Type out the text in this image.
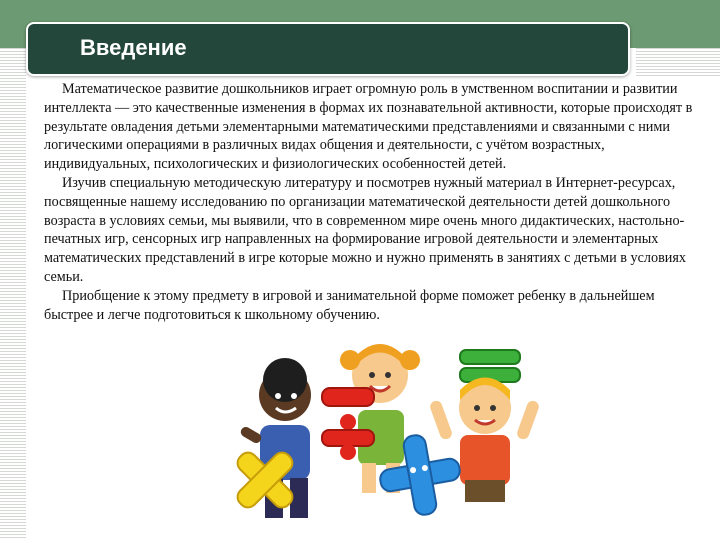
Введение

Математическое развитие дошкольников играет огромную роль в умственном воспитании и развитии интеллекта — это качественные изменения в формах их познавательной активности, которые происходят в результате овладения детьми элементарными математическими представлениями и связанными с ними логическими операциями в различных видах общения и деятельности, с учётом возрастных, индивидуальных, психологических и физиологических особенностей детей.

Изучив специальную методическую литературу и посмотрев нужный материал в Интернет-ресурсах, посвященные нашему исследованию по организации математической деятельности детей дошкольного возраста в условиях семьи, мы выявили, что в современном мире очень много дидактических, настольно-печатных игр, сенсорных игр направленных на формирование игровой деятельности и элементарных математических представлений в игре которые можно и нужно применять в занятиях с детьми в условиях семьи.

Приобщение к этому предмету в игровой и занимательной форме поможет ребенку в дальнейшем быстрее и легче подготовиться к школьному обучению.
